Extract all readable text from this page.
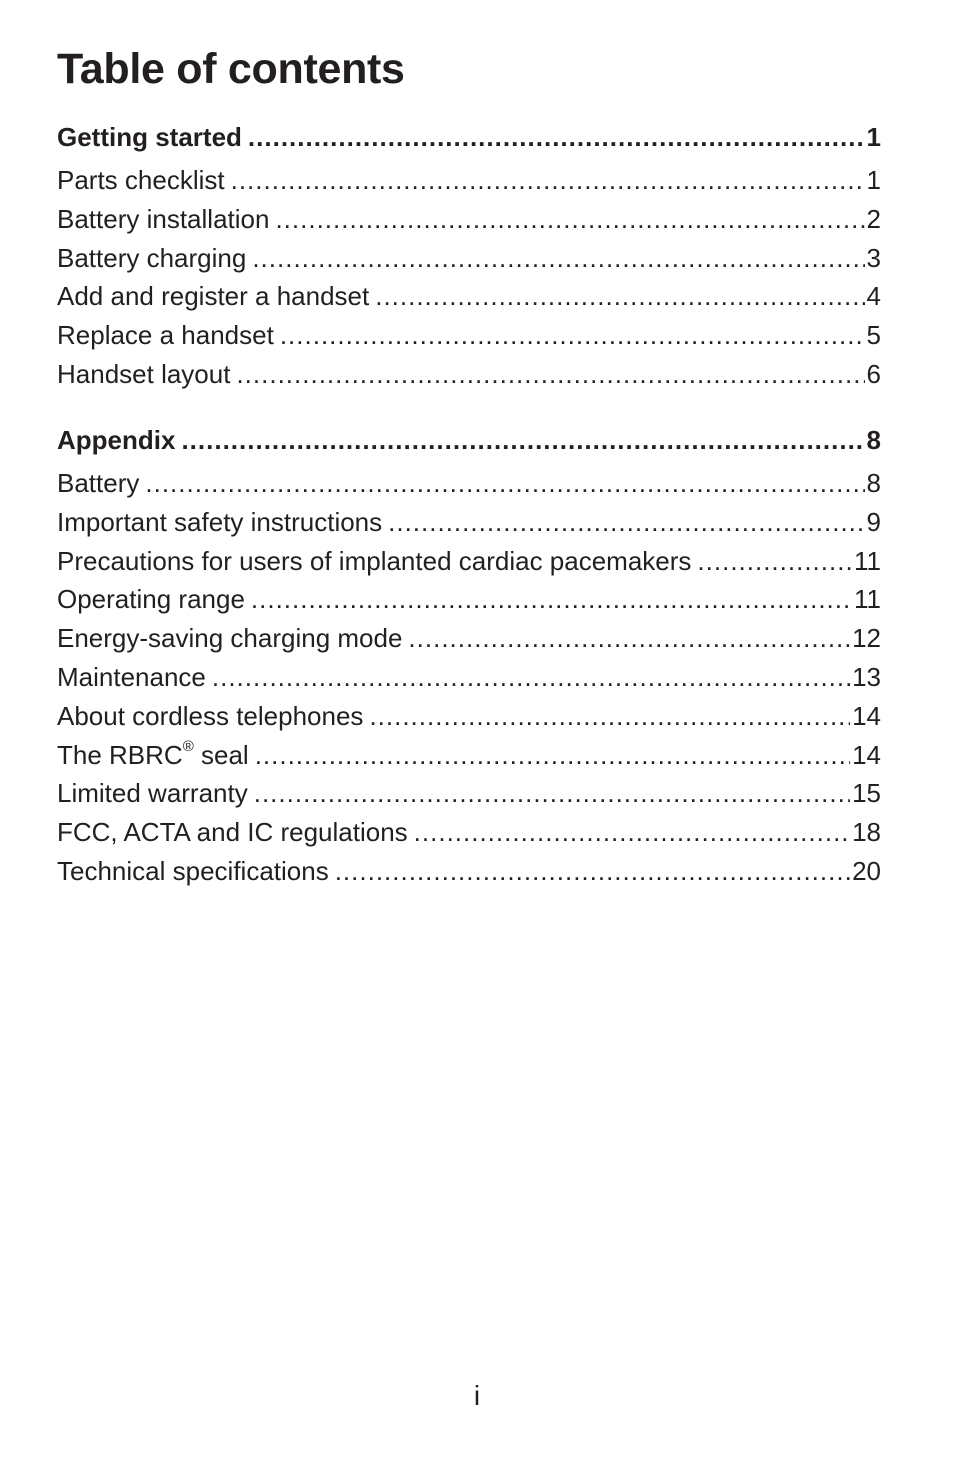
Table of contents
Getting started .....	1
Parts checklist .....	1
Battery installation .....	2
Battery charging .....	3
Add and register a handset .....	4
Replace a handset .....	5
Handset layout .....	6
Appendix .....	8
Battery .....	8
Important safety instructions .....	9
Precautions for users of implanted cardiac pacemakers .....	11
Operating range .....	11
Energy-saving charging mode .....	12
Maintenance .....	13
About cordless telephones .....	14
The RBRC® seal .....	14
Limited warranty .....	15
FCC, ACTA and IC regulations .....	18
Technical specifications .....	20
i
